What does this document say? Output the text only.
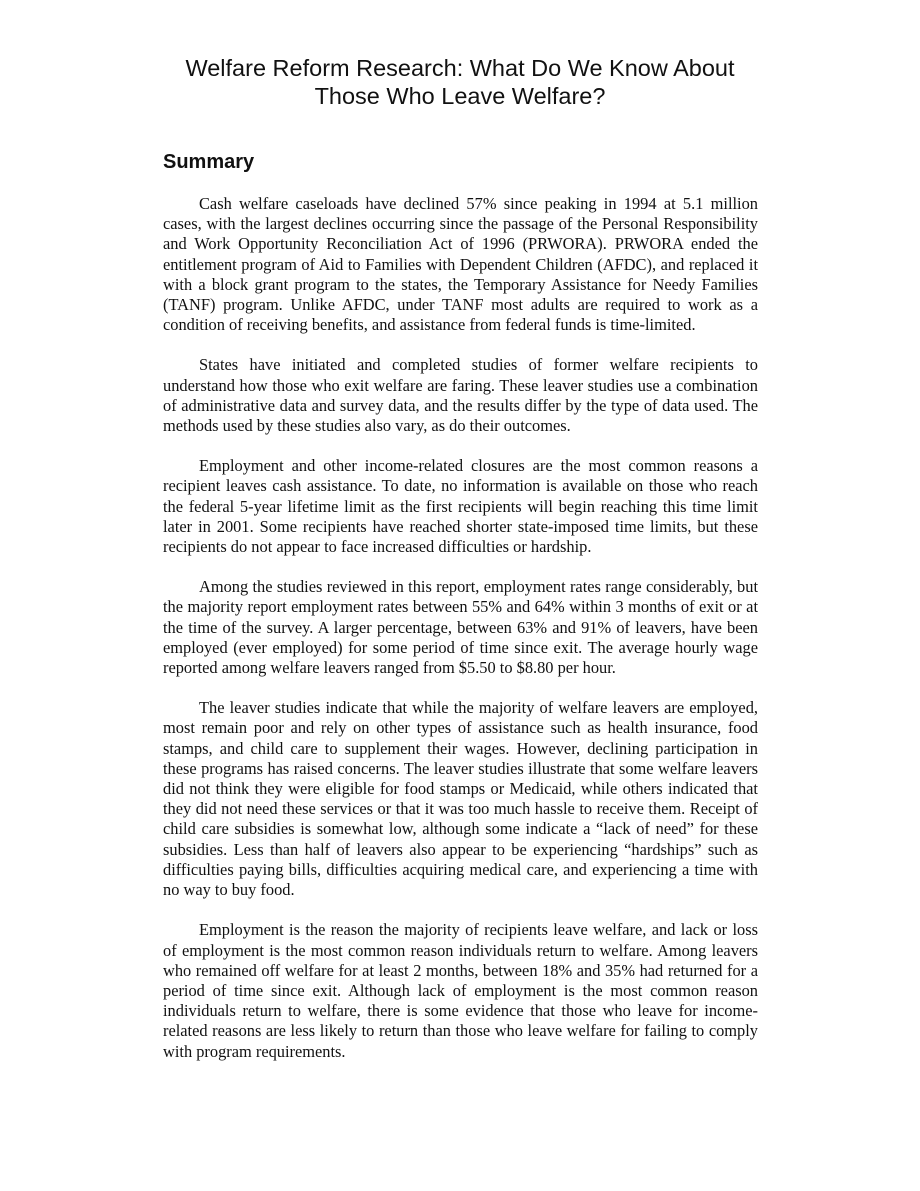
Welfare Reform Research: What Do We Know About
Those Who Leave Welfare?
Summary

Cash welfare caseloads have declined 57% since peaking in 1994 at 5.1 million cases, with the largest declines occurring since the passage of the Personal Responsibility and Work Opportunity Reconciliation Act of 1996 (PRWORA). PRWORA ended the entitlement program of Aid to Families with Dependent Children (AFDC), and replaced it with a block grant program to the states, the Temporary Assistance for Needy Families (TANF) program. Unlike AFDC, under TANF most adults are required to work as a condition of receiving benefits, and assistance from federal funds is time-limited.

States have initiated and completed studies of former welfare recipients to understand how those who exit welfare are faring. These leaver studies use a combination of administrative data and survey data, and the results differ by the type of data used. The methods used by these studies also vary, as do their outcomes.

Employment and other income-related closures are the most common reasons a recipient leaves cash assistance. To date, no information is available on those who reach the federal 5-year lifetime limit as the first recipients will begin reaching this time limit later in 2001. Some recipients have reached shorter state-imposed time limits, but these recipients do not appear to face increased difficulties or hardship.

Among the studies reviewed in this report, employment rates range considerably, but the majority report employment rates between 55% and 64% within 3 months of exit or at the time of the survey. A larger percentage, between 63% and 91% of leavers, have been employed (ever employed) for some period of time since exit. The average hourly wage reported among welfare leavers ranged from $5.50 to $8.80 per hour.

The leaver studies indicate that while the majority of welfare leavers are employed, most remain poor and rely on other types of assistance such as health insurance, food stamps, and child care to supplement their wages. However, declining participation in these programs has raised concerns. The leaver studies illustrate that some welfare leavers did not think they were eligible for food stamps or Medicaid, while others indicated that they did not need these services or that it was too much hassle to receive them. Receipt of child care subsidies is somewhat low, although some indicate a “lack of need” for these subsidies. Less than half of leavers also appear to be experiencing “hardships” such as difficulties paying bills, difficulties acquiring medical care, and experiencing a time with no way to buy food.

Employment is the reason the majority of recipients leave welfare, and lack or loss of employment is the most common reason individuals return to welfare. Among leavers who remained off welfare for at least 2 months, between 18% and 35% had returned for a period of time since exit. Although lack of employment is the most common reason individuals return to welfare, there is some evidence that those who leave for income-related reasons are less likely to return than those who leave welfare for failing to comply with program requirements.
